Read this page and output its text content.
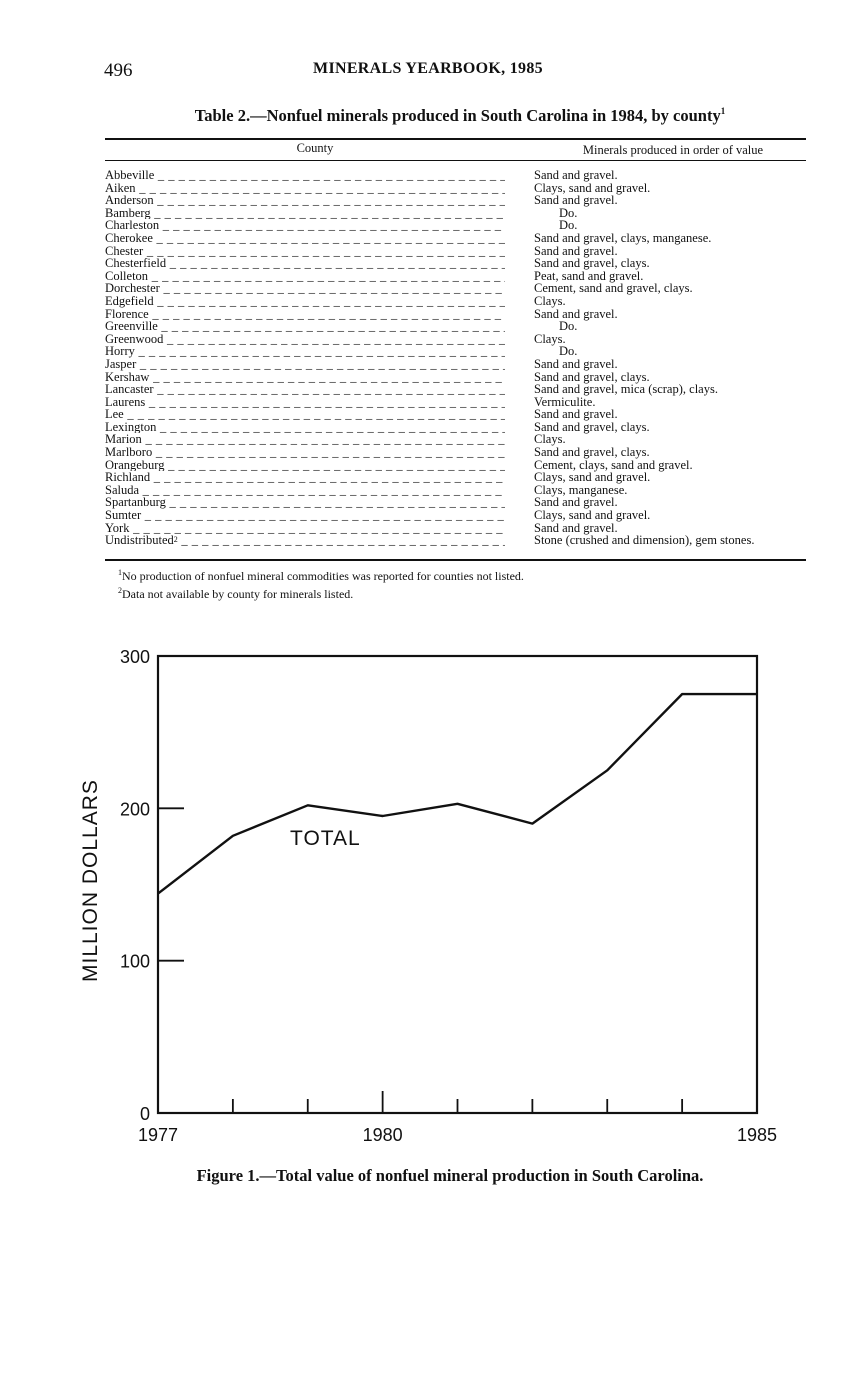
496	MINERALS YEARBOOK, 1985
Table 2.—Nonfuel minerals produced in South Carolina in 1984, by county$^1$
County	Minerals produced in order of value
Abbeville _ _ _	Sand and gravel.
Aiken _ _ _	Clays, sand and gravel.
Anderson _ _ _	Sand and gravel.
Bamberg _ _ _	Do.
Charleston _ _ _	Do.
Cherokee _ _ _	Sand and gravel, clays, manganese.
Chester _ _ _	Sand and gravel.
Chesterfield _ _ _	Sand and gravel, clays.
Colleton _ _ _	Peat, sand and gravel.
Dorchester _ _ _	Cement, sand and gravel, clays.
Edgefield _ _ _	Clays.
Florence _ _ _	Sand and gravel.
Greenville _ _ _	Do.
Greenwood _ _ _	Clays.
Horry _ _ _	Do.
Jasper _ _ _	Sand and gravel.
Kershaw _ _ _	Sand and gravel, clays.
Lancaster _ _ _	Sand and gravel, mica (scrap), clays.
Laurens _ _ _	Vermiculite.
Lee _ _ _	Sand and gravel.
Lexington _ _ _	Sand and gravel, clays.
Marion _ _ _	Clays.
Marlboro _ _ _	Sand and gravel, clays.
Orangeburg _ _ _	Cement, clays, sand and gravel.
Richland _ _ _	Clays, sand and gravel.
Saluda _ _ _	Clays, manganese.
Spartanburg _ _ _	Sand and gravel.
Sumter _ _ _	Clays, sand and gravel.
York _ _ _	Sand and gravel.
Undistributed$^2$ _ _ _	Stone (crushed and dimension), gem stones.
$^1$No production of nonfuel mineral commodities was reported for counties not listed.
$^2$Data not available by county for minerals listed.
0
100
200
300
1977	1980	1985
MILLION DOLLARS	TOTAL
Figure 1.—Total value of nonfuel mineral production in South Carolina.
